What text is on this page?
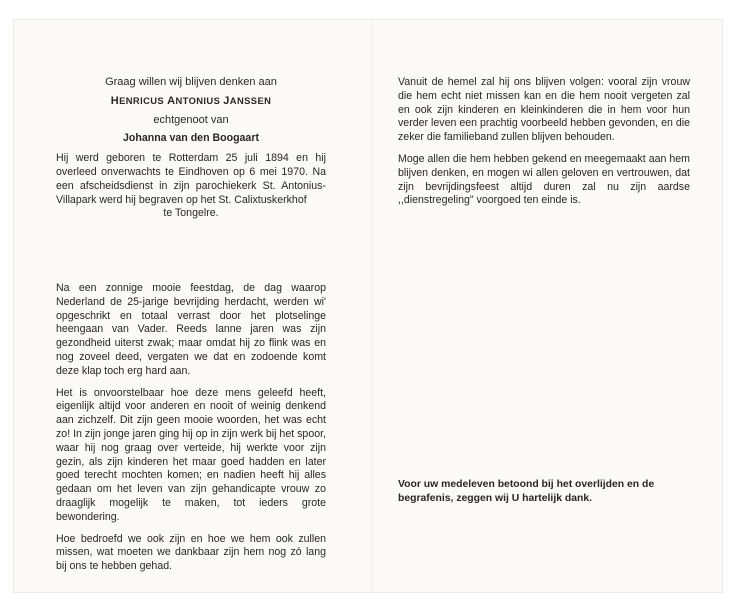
Graag willen wij blijven denken aan
HENRICUS ANTONIUS JANSSEN
echtgenoot van
Johanna van den Boogaart
Hij werd geboren te Rotterdam 25 juli 1894 en hij overleed onverwachts te Eindhoven op 6 mei 1970. Na een afscheidsdienst in zijn parochiekerk St. Antonius-Villapark werd hij begraven op het St. Calixtuskerkhof
te Tongelre.

Na een zonnige mooie feestdag, de dag waarop Nederland de 25-jarige bevrijding herdacht, werden wi' opgeschrikt en totaal verrast door het plotselinge heengaan van Vader. Reeds lanne jaren was zijn gezondheid uiterst zwak; maar omdat hij zo flink was en nog zoveel deed, vergaten we dat en zodoende komt deze klap toch erg hard aan.

Het is onvoorstelbaar hoe deze mens geleefd heeft, eigenlijk altijd voor anderen en nooit of weinig denkend aan zichzelf. Dit zijn geen mooie woorden, het was echt zo! In zijn jonge jaren ging hij op in zijn werk bij het spoor, waar hij nog graag over verteide, hij werkte voor zijn gezin, als zijn kinderen het maar goed hadden en later goed terecht mochten komen; en nadien heeft hij alles gedaan om het leven van zijn gehandicapte vrouw zo draaglijk mogelijk te maken, tot ieders grote bewondering.

Hoe bedroefd we ook zijn en hoe we hem ook zullen missen, wat moeten we dankbaar zijn hem nog zó lang bij ons te hebben gehad.

Vanuit de hemel zal hij ons blijven volgen: vooral zijn vrouw die hem echt niet missen kan en die hem nooit vergeten zal en ook zijn kinderen en kleinkinderen die in hem voor hun verder leven een prachtig voorbeeld hebben gevonden, en die zeker die familieband zullen blijven behouden.

Moge allen die hem hebben gekend en meegemaakt aan hem blijven denken, en mogen wi allen geloven en vertrouwen, dat zijn bevrijdingsfeest altijd duren zal nu zijn aardse ,,dienstregeling" voorgoed ten einde is.

Voor uw medeleven betoond bij het overlijden en de begrafenis, zeggen wij U hartelijk dank.
